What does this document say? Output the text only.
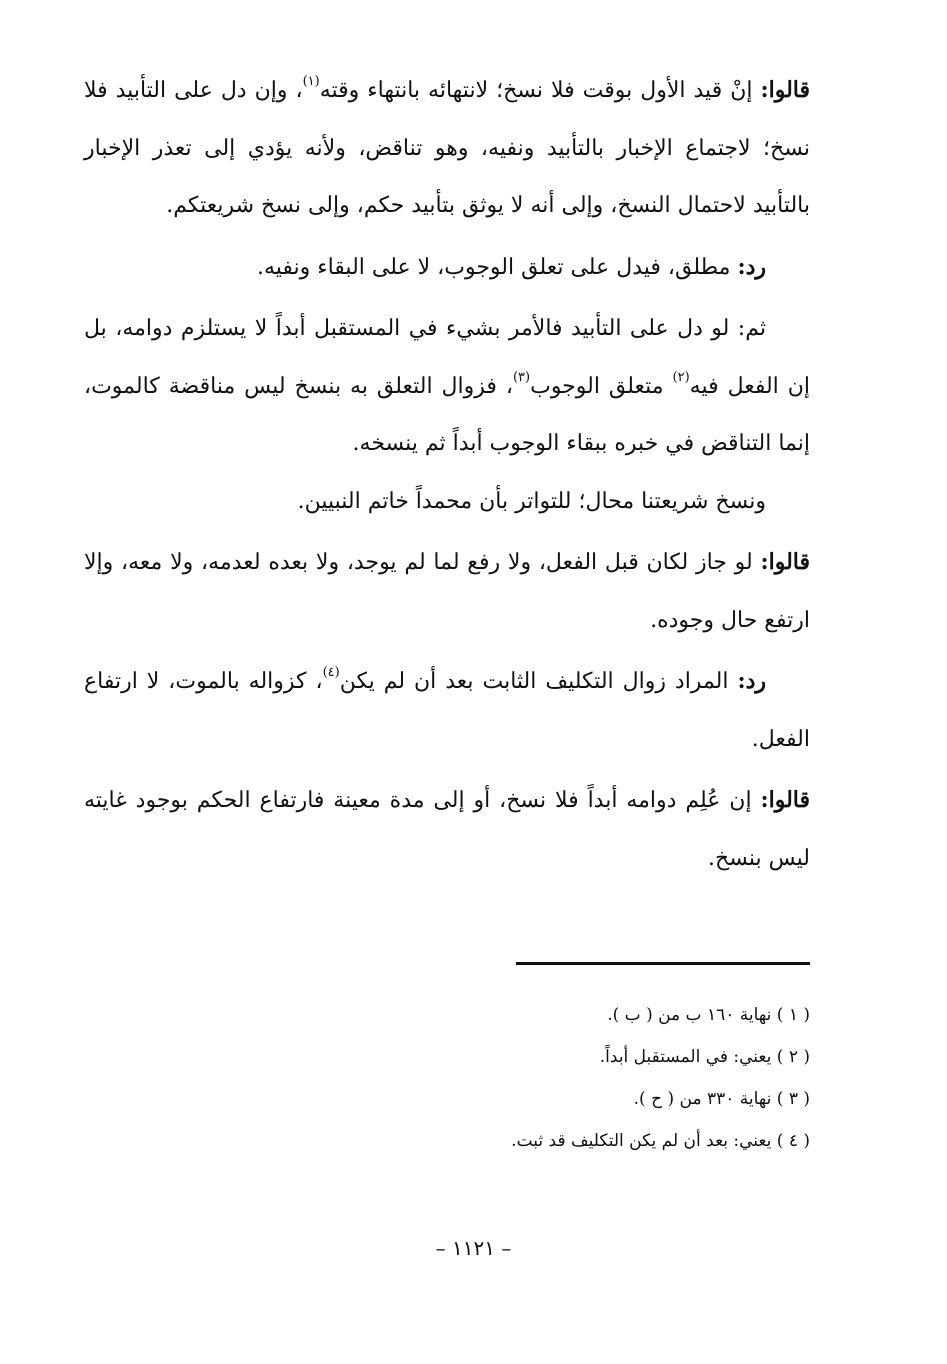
قالوا: إنْ قيد الأول بوقت فلا نسخ؛ لانتهائه بانتهاء وقته$^{(١)}$، وإن دل على التأبيد فلا نسخ؛ لاجتماع الإخبار بالتأبيد ونفيه، وهو تناقض، ولأنه يؤدي إلى تعذر الإخبار بالتأبيد لاحتمال النسخ، وإلى أنه لا يوثق بتأبيد حكم، وإلى نسخ شريعتكم.

رد: مطلق، فيدل على تعلق الوجوب، لا على البقاء ونفيه.

ثم: لو دل على التأبيد فالأمر بشيء في المستقبل أبداً لا يستلزم دوامه، بل إن الفعل فيه$^{(٢)}$ متعلق الوجوب$^{(٣)}$، فزوال التعلق به بنسخ ليس مناقضة كالموت، إنما التناقض في خبره ببقاء الوجوب أبداً ثم ينسخه.

ونسخ شريعتنا محال؛ للتواتر بأن محمداً خاتم النبيين.

قالوا: لو جاز لكان قبل الفعل، ولا رفع لما لم يوجد، ولا بعده لعدمه، ولا معه، وإلا ارتفع حال وجوده.

رد: المراد زوال التكليف الثابت بعد أن لم يكن$^{(٤)}$، كزواله بالموت، لا ارتفاع الفعل.

قالوا: إن عُلِم دوامه أبداً فلا نسخ، أو إلى مدة معينة فارتفاع الحكم بوجود غايته ليس بنسخ.

( ١ ) نهاية ١٦٠ ب من ( ب ).

( ٢ ) يعني: في المستقبل أبداً.

( ٣ ) نهاية ٣٣٠ من ( ح ).

( ٤ ) يعني: بعد أن لم يكن التكليف قد ثبت.

– ١١٢١ –
